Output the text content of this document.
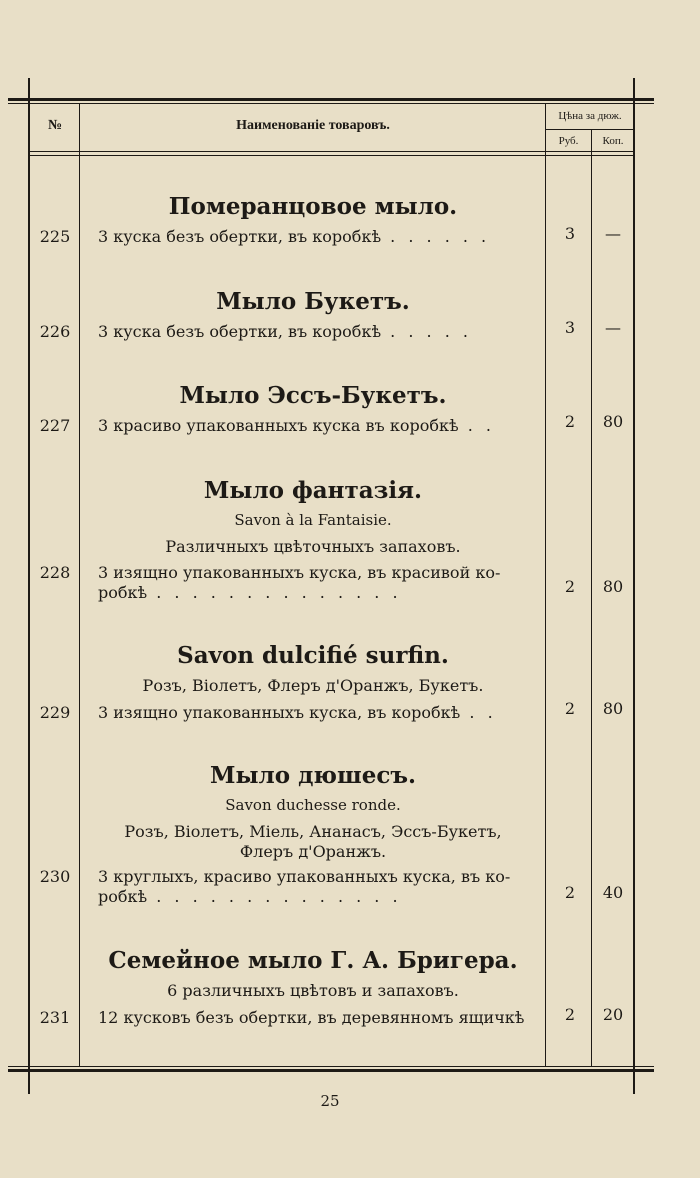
№	Наименованіе товаровъ.
Цѣна за дюж.
Руб.	Коп.
Померанцовое мыло.
225	3 куска безъ обертки, въ коробкѣ . . . . . .	3	—
Мыло Букетъ.
226	3 куска безъ обертки, въ коробкѣ . . . . .	3	—
Мыло Эссъ-Букетъ.
227	3 красиво упакованныхъ куска въ коробкѣ . .	2	80
Мыло фантазія.
Savon à la Fantaisie.
Различныхъ цвѣточныхъ запаховъ.
228	3 изящно упакованныхъ куска, въ красивой ко-
робкѣ . . . . . . . . . . . . . .	2	80
Savon dulcifié surfin.
Розъ, Віолетъ, Флеръ д'Оранжъ, Букетъ.
229	3 изящно упакованныхъ куска, въ коробкѣ . .	2	80
Мыло дюшесъ.
Savon duchesse ronde.
Розъ, Віолетъ, Міель, Ананасъ, Эссъ-Букетъ,
Флеръ д'Оранжъ.
230	3 круглыхъ, красиво упакованныхъ куска, въ ко-
робкѣ . . . . . . . . . . . . . .	2	40
Семейное мыло Г. А. Бригера.
6 различныхъ цвѣтовъ и запаховъ.
231	12 кусковъ безъ обертки, въ деревянномъ ящичкѣ	2	20
25
